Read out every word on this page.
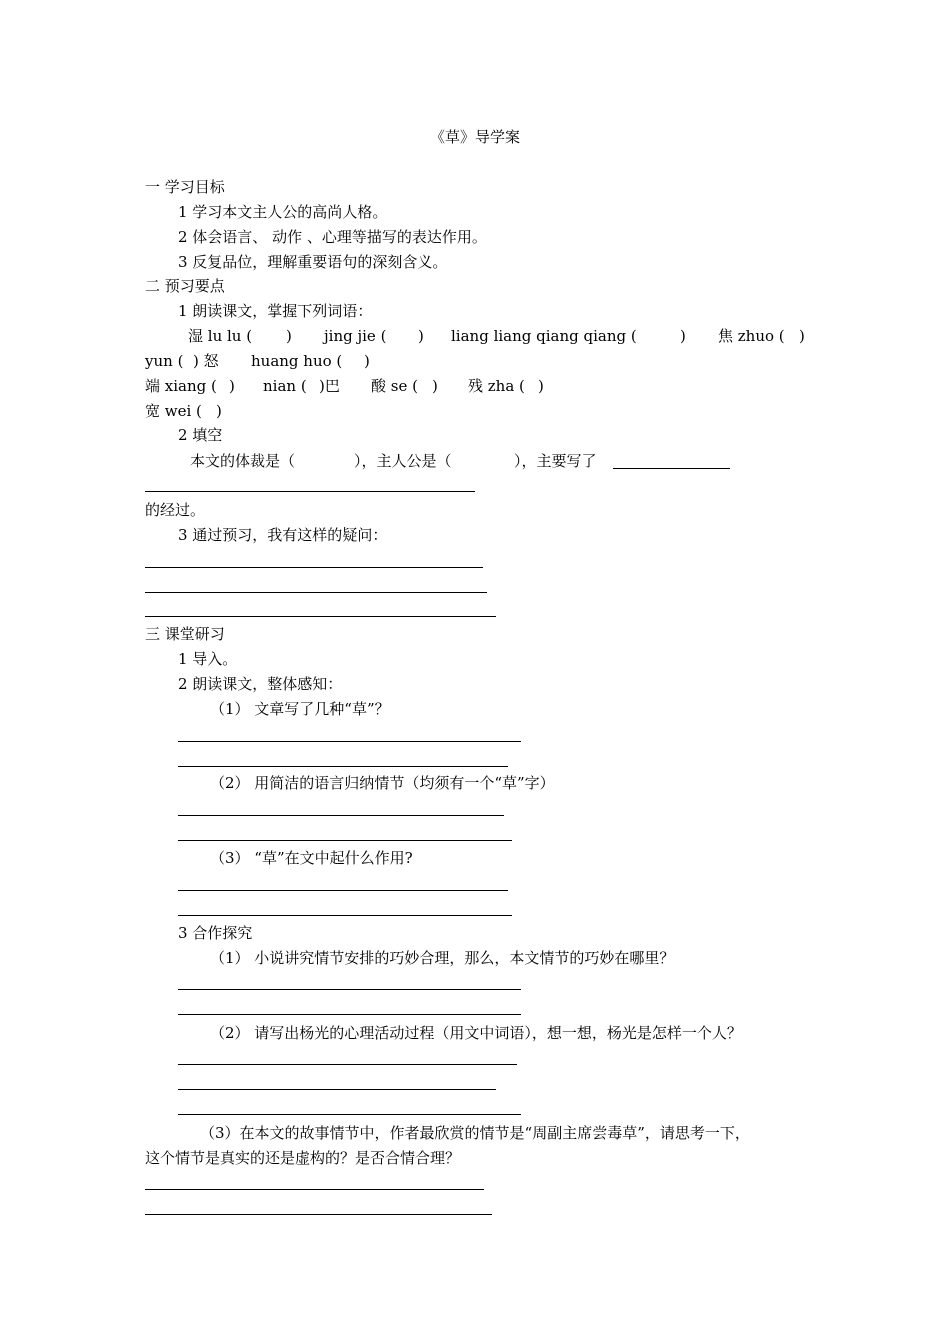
《草》导学案
一 学习目标
1 学习本文主人公的高尚人格。
2 体会语言、 动作 、心理等描写的表达作用。
3 反复品位，理解重要语句的深刻含义。
二 预习要点
1 朗读课文，掌握下列词语：
湿 lu lu ( ) jing jie ( ) liang liang qiang qiang (	) 焦 zhuo ( )
yun ( ) 怒 huang huo ( )
端 xiang ( ) nian ( )巴 酸 se ( ) 残 zha ( )
宽 wei ( )
2 填空
本文的体裁是（	），主人公是（	），主要写了
的经过。
3 通过预习，我有这样的疑问：
三 课堂研习
1 导入。
2 朗读课文，整体感知：
（1） 文章写了几种“草”？
（2） 用简洁的语言归纳情节（均须有一个“草”字）
（3） “草”在文中起什么作用?
3 合作探究
（1） 小说讲究情节安排的巧妙合理，那么，本文情节的巧妙在哪里？
（2） 请写出杨光的心理活动过程（用文中词语），想一想，杨光是怎样一个人？
（3）在本文的故事情节中，作者最欣赏的情节是“周副主席尝毒草”，请思考一下，
这个情节是真实的还是虚构的？是否合情合理？
